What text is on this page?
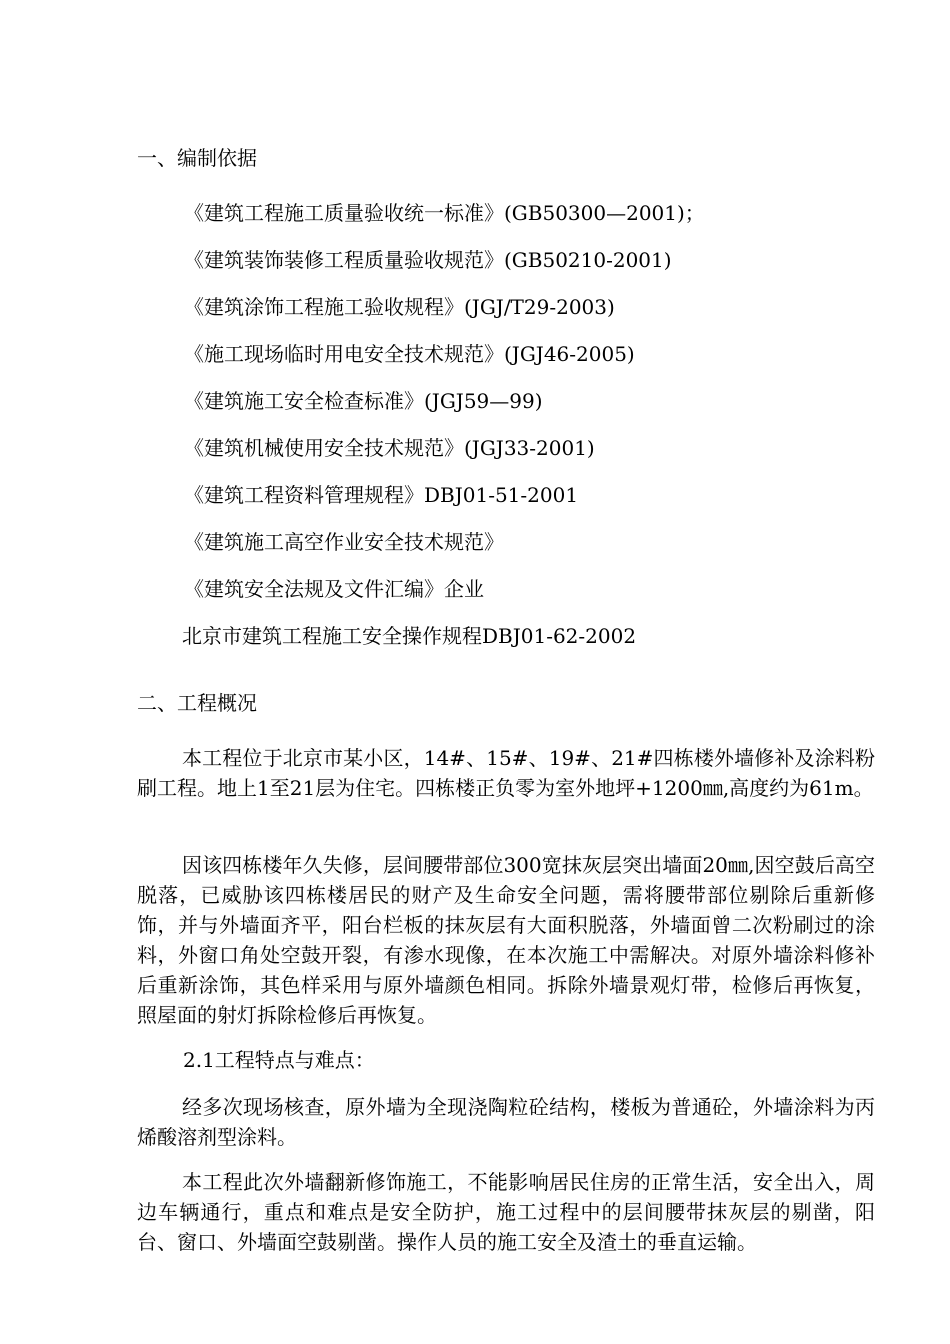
一、编制依据
《建筑工程施工质量验收统一标准》(GB50300—2001)；
《建筑装饰装修工程质量验收规范》(GB50210-2001)
《建筑涂饰工程施工验收规程》(JGJ/T29-2003)
《施工现场临时用电安全技术规范》(JGJ46-2005)
《建筑施工安全检查标准》(JGJ59—99)
《建筑机械使用安全技术规范》(JGJ33-2001)
《建筑工程资料管理规程》DBJ01-51-2001
《建筑施工高空作业安全技术规范》
《建筑安全法规及文件汇编》企业
北京市建筑工程施工安全操作规程DBJ01-62-2002
二、工程概况

本工程位于北京市某小区，14#、15#、19#、21#四栋楼外墙修补及涂料粉刷工程。地上1至21层为住宅。四栋楼正负零为室外地坪+1200㎜,高度约为61m。

因该四栋楼年久失修，层间腰带部位300宽抹灰层突出墙面20㎜,因空鼓后高空脱落，已威胁该四栋楼居民的财产及生命安全问题，需将腰带部位剔除后重新修饰，并与外墙面齐平，阳台栏板的抹灰层有大面积脱落，外墙面曾二次粉刷过的涂料，外窗口角处空鼓开裂，有渗水现像，在本次施工中需解决。对原外墙涂料修补后重新涂饰，其色样采用与原外墙颜色相同。拆除外墙景观灯带，检修后再恢复，照屋面的射灯拆除检修后再恢复。

2.1工程特点与难点：

经多次现场核查，原外墙为全现浇陶粒砼结构，楼板为普通砼，外墙涂料为丙烯酸溶剂型涂料。

本工程此次外墙翻新修饰施工，不能影响居民住房的正常生活，安全出入，周边车辆通行，重点和难点是安全防护，施工过程中的层间腰带抹灰层的剔凿，阳台、窗口、外墙面空鼓剔凿。操作人员的施工安全及渣土的垂直运输。
